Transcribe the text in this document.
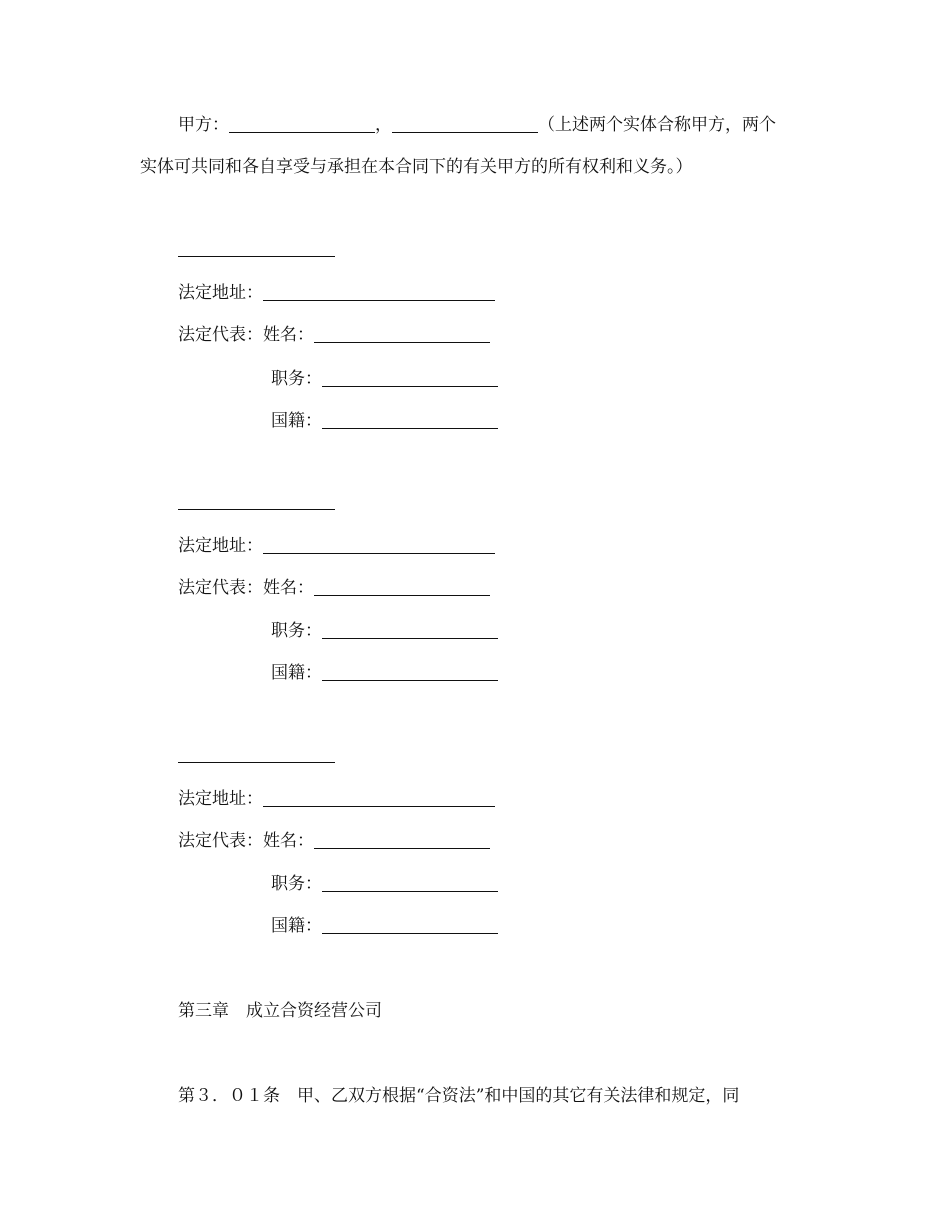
甲方：	，	（上述两个实体合称甲方，两个
实体可共同和各自享受与承担在本合同下的有关甲方的所有权利和义务。）
法定地址：
法定代表：姓名：
职务：
国籍：
法定地址：
法定代表：姓名：
职务：
国籍：
法定地址：
法定代表：姓名：
职务：
国籍：
第三章　成立合资经营公司
第３．０１条　甲、乙双方根据“合资法”和中国的其它有关法律和规定，同
